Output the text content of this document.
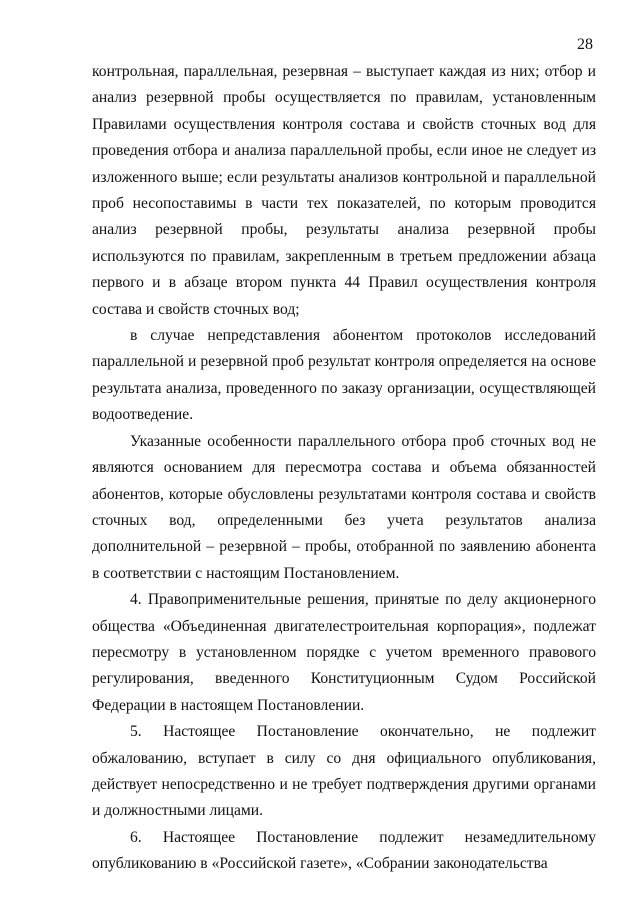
28

контрольная, параллельная, резервная – выступает каждая из них; отбор и анализ резервной пробы осуществляется по правилам, установленным Правилами осуществления контроля состава и свойств сточных вод для проведения отбора и анализа параллельной пробы, если иное не следует из изложенного выше; если результаты анализов контрольной и параллельной проб несопоставимы в части тех показателей, по которым проводится анализ резервной пробы, результаты анализа резервной пробы используются по правилам, закрепленным в третьем предложении абзаца первого и в абзаце втором пункта 44 Правил осуществления контроля состава и свойств сточных вод;

в случае непредставления абонентом протоколов исследований параллельной и резервной проб результат контроля определяется на основе результата анализа, проведенного по заказу организации, осуществляющей водоотведение.

Указанные особенности параллельного отбора проб сточных вод не являются основанием для пересмотра состава и объема обязанностей абонентов, которые обусловлены результатами контроля состава и свойств сточных вод, определенными без учета результатов анализа дополнительной – резервной – пробы, отобранной по заявлению абонента в соответствии с настоящим Постановлением.

4. Правоприменительные решения, принятые по делу акционерного общества «Объединенная двигателестроительная корпорация», подлежат пересмотру в установленном порядке с учетом временного правового регулирования, введенного Конституционным Судом Российской Федерации в настоящем Постановлении.

5. Настоящее Постановление окончательно, не подлежит обжалованию, вступает в силу со дня официального опубликования, действует непосредственно и не требует подтверждения другими органами и должностными лицами.

6. Настоящее Постановление подлежит незамедлительному опубликованию в «Российской газете», «Собрании законодательства
